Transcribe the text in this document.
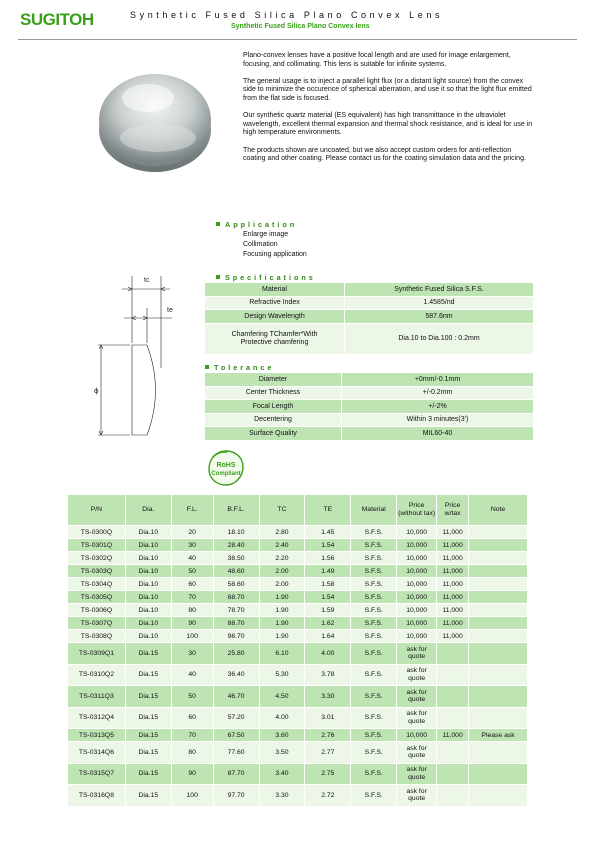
SUGITOH	Synthetic Fused Silica Plano Convex Lens
Synthetic Fused Silica Plano Convex lens

Plano-convex lenses have a positive focal length and are used for image enlargement, focusing, and collimating. This lens is suitable for infinite systems.

The general usage is to inject a parallel light flux (or a distant light source) from the convex side to minimize the occurence of spherical aberration, and use it so that the light flux emitted from the flat side is focused.

Our synthetic quartz material (ES equivalent) has high transmittance in the ultraviolet wavelength, excellent thermal expansion and thermal shock resistance, and is ideal for use in high temperature environments.

The products shown are uncoated, but we also accept custom orders for anti-reflection coating and other coating. Please contact us for the coating simulation data and the pricing.

Application
Enlarge image
Collimation
Focusing application
Specifications
Material	Synthetic Fused Silica S.F.S.
Refractive Index	1.4585/nd
Design Wavelength	587.6nm
Chamfering TChamfer*With Protective chamfering	Dia.10 to Dia.100 : 0.2mm
Tolerance
Diameter	+0mm/-0.1mm
Center Thickness	+/-0.2mm
Focal Length	+/-2%
Decentering	Within 3 minutes(3')
Surface Quality	MIL60-40
tc
te
ϕ
RoHS
Compliant
P/N	Dia.	F.L.	B.F.L.	TC	TE	Material	Price (without tax)	Price w/tax	Note
TS-0300Q	Dia.10	20	18.10	2.80	1.45	S.F.S.	10,000	11,000	
TS-0301Q	Dia.10	30	28.40	2.40	1.54	S.F.S.	10,000	11,000	
TS-0302Q	Dia.10	40	38.50	2.20	1.56	S.F.S.	10,000	11,000	
TS-0303Q	Dia.10	50	48.60	2.00	1.49	S.F.S.	10,000	11,000	
TS-0304Q	Dia.10	60	58.60	2.00	1.58	S.F.S.	10,000	11,000	
TS-0305Q	Dia.10	70	68.70	1.90	1.54	S.F.S.	10,000	11,000	
TS-0306Q	Dia.10	80	78.70	1.90	1.59	S.F.S.	10,000	11,000	
TS-0307Q	Dia.10	90	88.70	1.90	1.62	S.F.S.	10,000	11,000	
TS-0308Q	Dia.10	100	98.70	1.90	1.64	S.F.S.	10,000	11,000	
TS-0309Q1	Dia.15	30	25.80	6.10	4.00	S.F.S.	ask for quote		
TS-0310Q2	Dia.15	40	36.40	5.30	3.78	S.F.S.	ask for quote		
TS-0311Q3	Dia.15	50	46.70	4.50	3.30	S.F.S.	ask for quote		
TS-0312Q4	Dia.15	60	57.20	4.00	3.01	S.F.S.	ask for quote		
TS-0313Q5	Dia.15	70	67.50	3.60	2.76	S.F.S.	10,000	11,000	Please ask
TS-0314Q6	Dia.15	80	77.60	3.50	2.77	S.F.S.	ask for quote		
TS-0315Q7	Dia.15	90	87.70	3.40	2.75	S.F.S.	ask for quote		
TS-0316Q8	Dia.15	100	97.70	3.30	2.72	S.F.S.	ask for quote		
